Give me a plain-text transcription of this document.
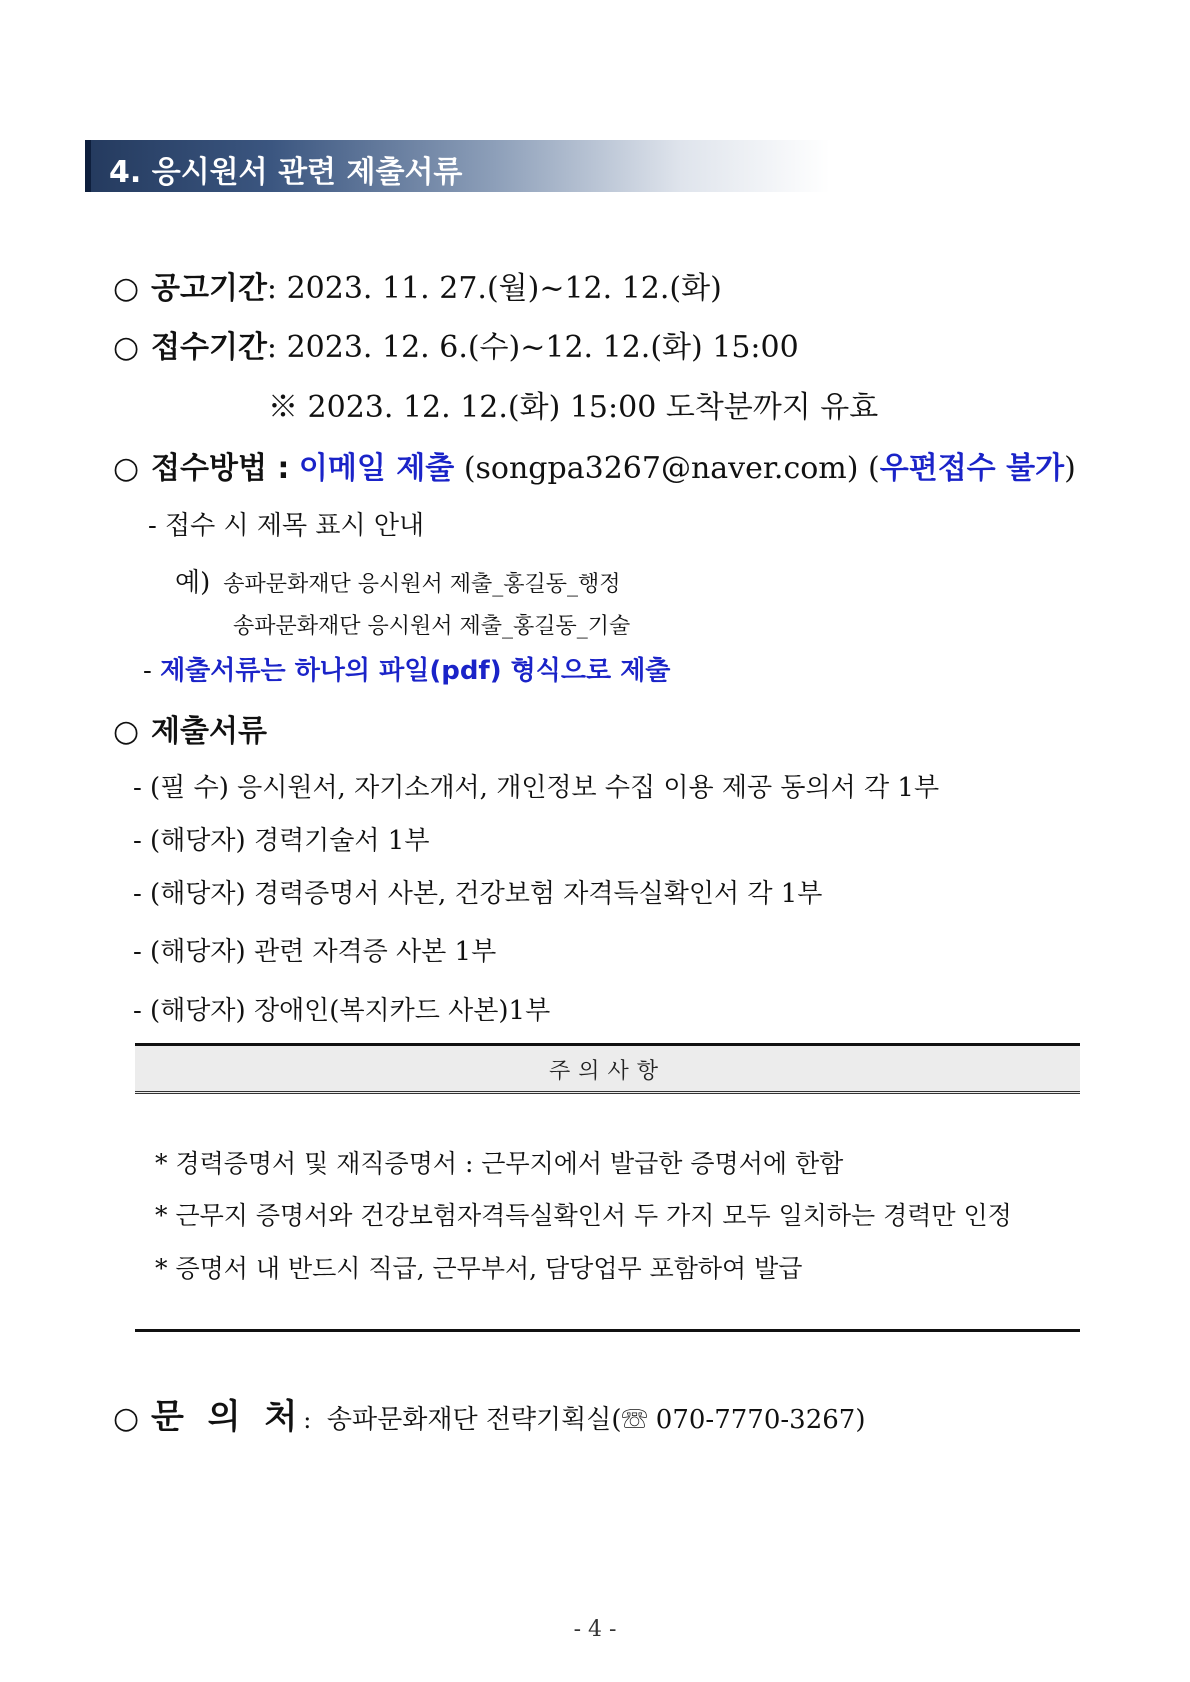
4. 응시원서 관련 제출서류
○ 공고기간: 2023. 11. 27.(월)~12. 12.(화)
○ 접수기간: 2023. 12. 6.(수)~12. 12.(화) 15:00
※ 2023. 12. 12.(화) 15:00 도착분까지 유효
○ 접수방법 : 이메일 제출 (songpa3267@naver.com) (우편접수 불가)
- 접수 시 제목 표시 안내
예) 송파문화재단 응시원서 제출_홍길동_행정
송파문화재단 응시원서 제출_홍길동_기술
- 제출서류는 하나의 파일(pdf) 형식으로 제출
○ 제출서류
- (필 수) 응시원서, 자기소개서, 개인정보 수집 이용 제공 동의서 각 1부
- (해당자) 경력기술서 1부
- (해당자) 경력증명서 사본, 건강보험 자격득실확인서 각 1부
- (해당자) 관련 자격증 사본 1부
- (해당자) 장애인(복지카드 사본)1부
주의사항
* 경력증명서 및 재직증명서 : 근무지에서 발급한 증명서에 한함
* 근무지 증명서와 건강보험자격득실확인서 두 가지 모두 일치하는 경력만 인정
* 증명서 내 반드시 직급, 근무부서, 담당업무 포함하여 발급
○ 문 의 처: 송파문화재단 전략기획실(☏ 070-7770-3267)
- 4 -
